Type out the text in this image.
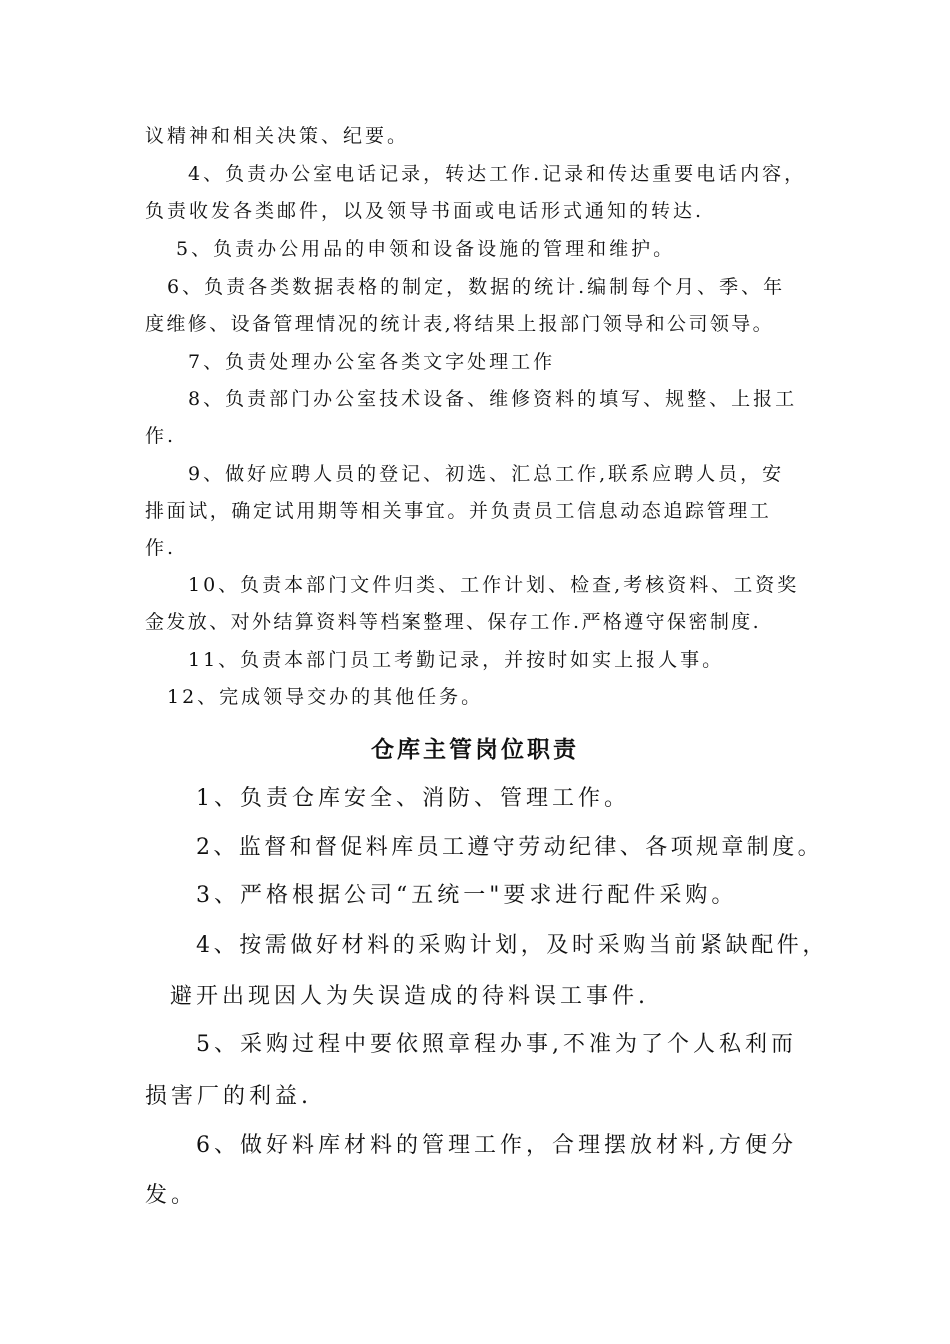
议精神和相关决策、纪要。
4、负责办公室电话记录，转达工作.记录和传达重要电话内容，
负责收发各类邮件，以及领导书面或电话形式通知的转达.
5、负责办公用品的申领和设备设施的管理和维护。
6、负责各类数据表格的制定，数据的统计.编制每个月、季、年
度维修、设备管理情况的统计表,将结果上报部门领导和公司领导。
7、负责处理办公室各类文字处理工作
8、负责部门办公室技术设备、维修资料的填写、规整、上报工
作.
9、做好应聘人员的登记、初选、汇总工作,联系应聘人员，安
排面试，确定试用期等相关事宜。并负责员工信息动态追踪管理工
作.
10、负责本部门文件归类、工作计划、检查,考核资料、工资奖
金发放、对外结算资料等档案整理、保存工作.严格遵守保密制度.
11、负责本部门员工考勤记录，并按时如实上报人事。
12、完成领导交办的其他任务。
仓库主管岗位职责
1、负责仓库安全、消防、管理工作。
2、监督和督促料库员工遵守劳动纪律、各项规章制度。
3、严格根据公司“五统一"要求进行配件采购。
4、按需做好材料的采购计划，及时采购当前紧缺配件，
避开出现因人为失误造成的待料误工事件.
5、采购过程中要依照章程办事,不准为了个人私利而
损害厂的利益.
6、做好料库材料的管理工作，合理摆放材料,方便分
发。
